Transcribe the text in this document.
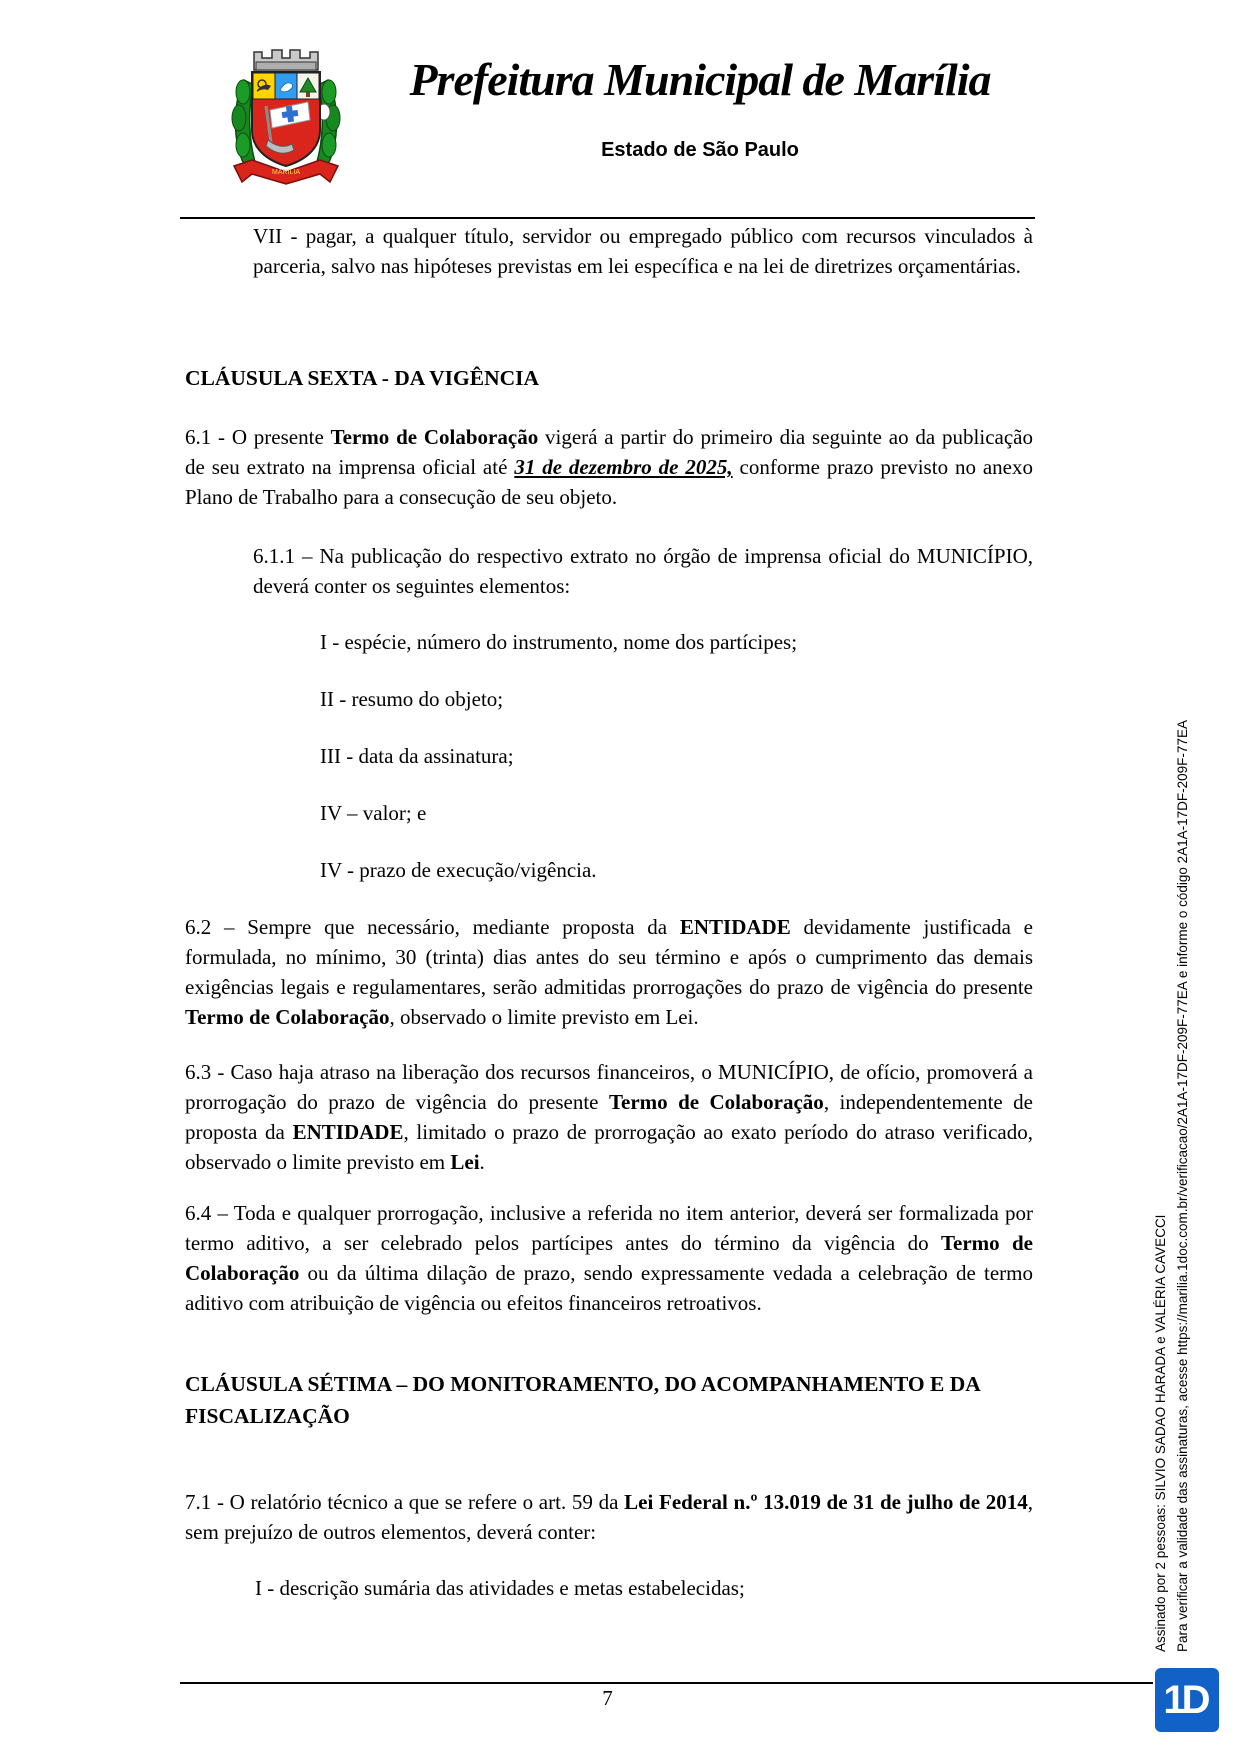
MARÍLIA
Prefeitura Municipal de Marília
Estado de São Paulo

VII - pagar, a qualquer título, servidor ou empregado público com recursos vinculados à parceria, salvo nas hipóteses previstas em lei específica e na lei de diretrizes orçamentárias.

CLÁUSULA SEXTA - DA VIGÊNCIA

6.1 - O presente Termo de Colaboração vigerá a partir do primeiro dia seguinte ao da publicação de seu extrato na imprensa oficial até 31 de dezembro de 2025, conforme prazo previsto no anexo Plano de Trabalho para a consecução de seu objeto.

6.1.1 – Na publicação do respectivo extrato no órgão de imprensa oficial do MUNICÍPIO, deverá conter os seguintes elementos:

I - espécie, número do instrumento, nome dos partícipes;
II - resumo do objeto;
III - data da assinatura;
IV – valor; e
IV - prazo de execução/vigência.

6.2 – Sempre que necessário, mediante proposta da ENTIDADE devidamente justificada e formulada, no mínimo, 30 (trinta) dias antes do seu término e após o cumprimento das demais exigências legais e regulamentares, serão admitidas prorrogações do prazo de vigência do presente Termo de Colaboração, observado o limite previsto em Lei.

6.3 - Caso haja atraso na liberação dos recursos financeiros, o MUNICÍPIO, de ofício, promoverá a prorrogação do prazo de vigência do presente Termo de Colaboração, independentemente de proposta da ENTIDADE, limitado o prazo de prorrogação ao exato período do atraso verificado, observado o limite previsto em Lei.

6.4 – Toda e qualquer prorrogação, inclusive a referida no item anterior, deverá ser formalizada por termo aditivo, a ser celebrado pelos partícipes antes do término da vigência do Termo de Colaboração ou da última dilação de prazo, sendo expressamente vedada a celebração de termo aditivo com atribuição de vigência ou efeitos financeiros retroativos.

CLÁUSULA SÉTIMA – DO MONITORAMENTO, DO ACOMPANHAMENTO E DA FISCALIZAÇÃO

7.1 - O relatório técnico a que se refere o art. 59 da Lei Federal n.º 13.019 de 31 de julho de 2014, sem prejuízo de outros elementos, deverá conter:

I - descrição sumária das atividades e metas estabelecidas;
7
Assinado por 2 pessoas: SILVIO SADAO HARADA e VALÉRIA CAVECCI Para verificar a validade das assinaturas, acesse https://marilia.1doc.com.br/verificacao/2A1A-17DF-209F-77EA e informe o código 2A1A-17DF-209F-77EA
1D
